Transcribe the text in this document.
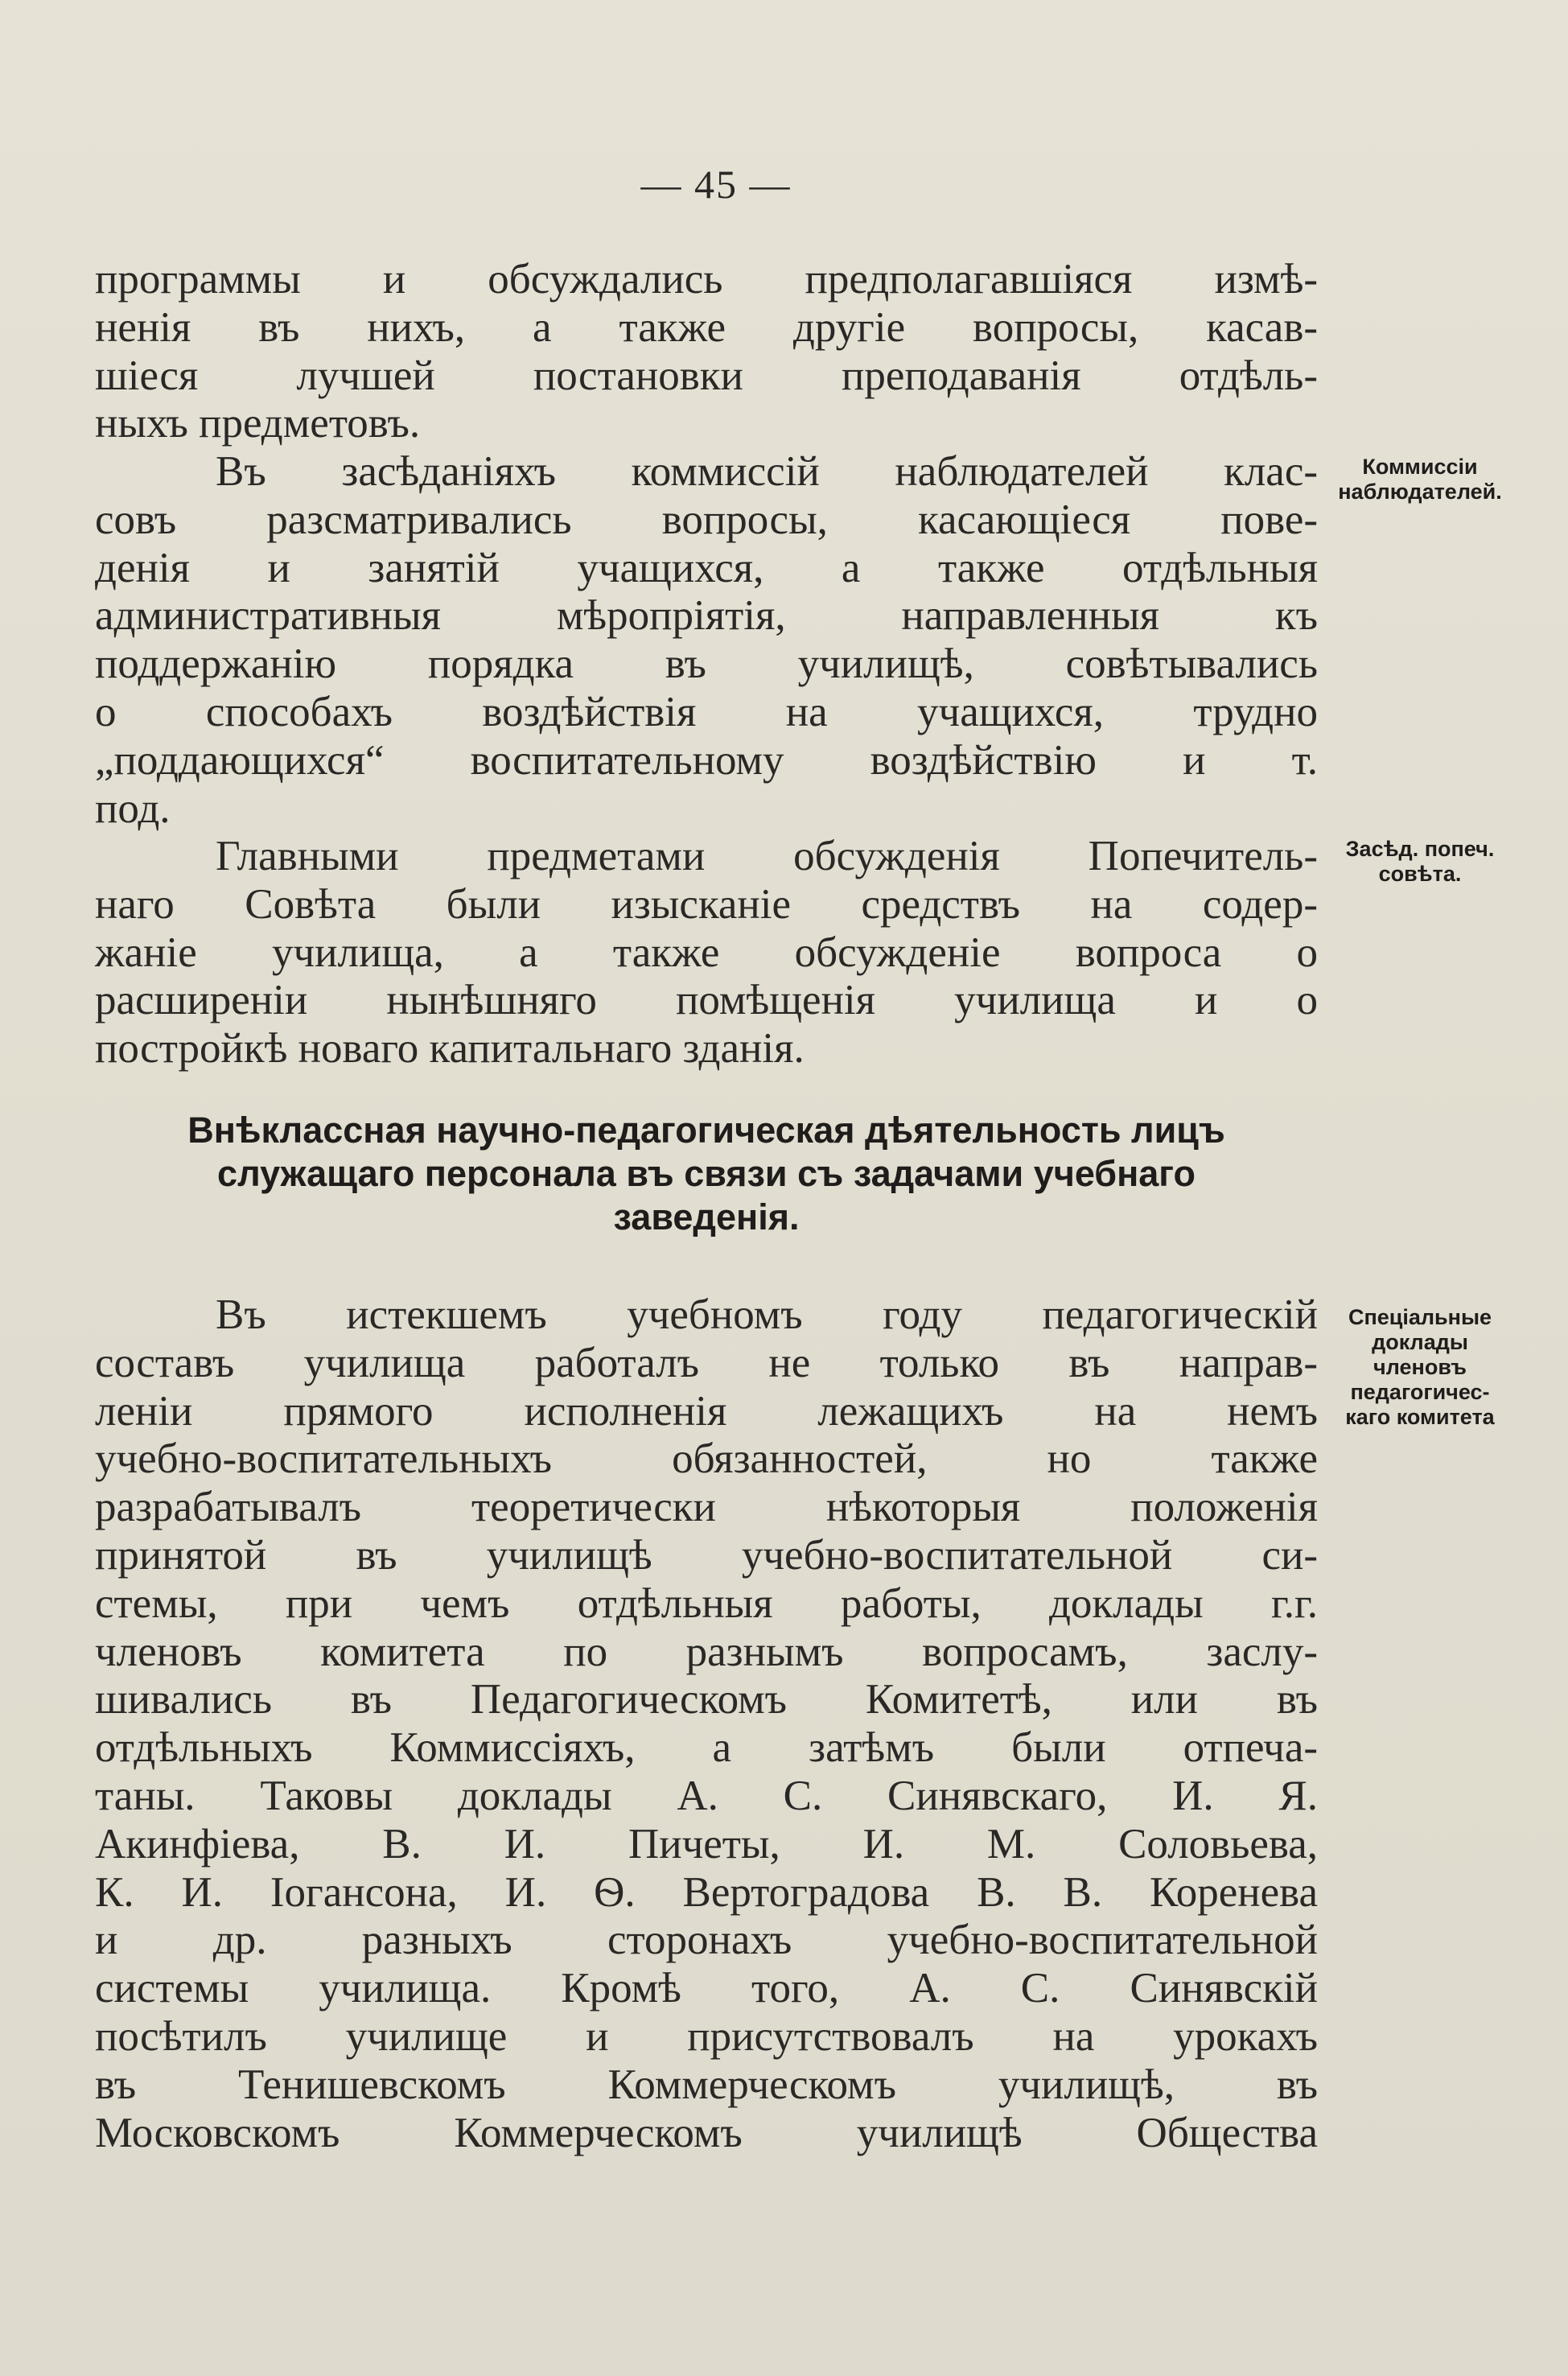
— 45 —
программы и обсуждались предполагавшіяся измѣ-
ненія въ нихъ, а также другіе вопросы, касав-
шіеся лучшей постановки преподаванія отдѣль-
ныхъ предметовъ.
Въ засѣданіяхъ коммиссій наблюдателей клас-
совъ разсматривались вопросы, касающіеся пове-
денія и занятій учащихся, а также отдѣльныя
административныя мѣропріятія, направленныя къ
поддержанію порядка въ училищѣ, совѣтывались
о способахъ воздѣйствія на учащихся, трудно
„поддающихся“ воспитательному воздѣйствію и т.
под.
Главными предметами обсужденія Попечитель-
наго Совѣта были изысканіе средствъ на содер-
жаніе училища, а также обсужденіе вопроса о
расширеніи нынѣшняго помѣщенія училища и о
постройкѣ новаго капитальнаго зданія.
Внѣклассная научно-педагогическая дѣятельность лицъ
служащаго персонала въ связи съ задачами учебнаго
заведенія.
Въ истекшемъ учебномъ году педагогическій
составъ училища работалъ не только въ направ-
леніи прямого исполненія лежащихъ на немъ
учебно-воспитательныхъ обязанностей, но также
разрабатывалъ теоретически нѣкоторыя положенія
принятой въ училищѣ учебно-воспитательной си-
стемы, при чемъ отдѣльныя работы, доклады г.г.
членовъ комитета по разнымъ вопросамъ, заслу-
шивались въ Педагогическомъ Комитетѣ, или въ
отдѣльныхъ Коммиссіяхъ, а затѣмъ были отпеча-
таны. Таковы доклады А. С. Синявскаго, И. Я.
Акинфіева, В. И. Пичеты, И. М. Соловьева,
К. И. Іогансона, И. Ѳ. Вертоградова В. В. Коренева
и др. разныхъ сторонахъ учебно-воспитательной
системы училища. Кромѣ того, А. С. Синявскій
посѣтилъ училище и присутствовалъ на урокахъ
въ Тенишевскомъ Коммерческомъ училищѣ, въ
Московскомъ Коммерческомъ училищѣ Общества
Коммиссіи
наблюдателей.
Засѣд. попеч.
совѣта.
Спеціальные
доклады
членовъ
педагогичес-
каго комитета
